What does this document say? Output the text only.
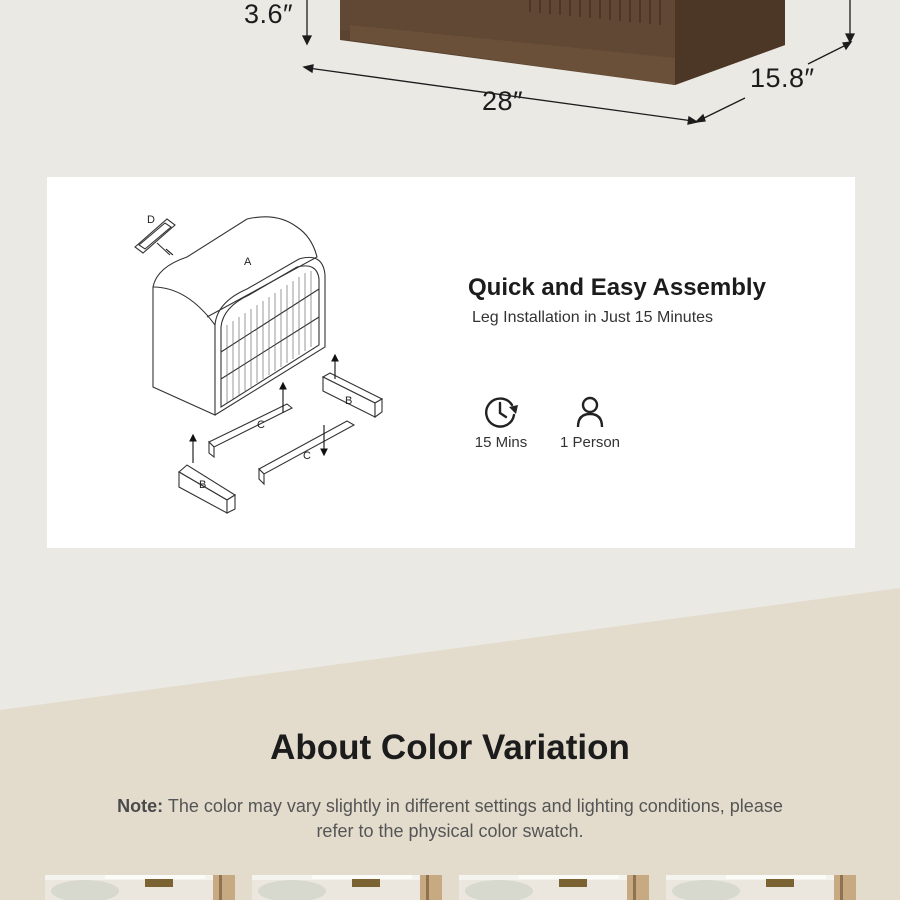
3.6″
28″
15.8″
D
A
B
B
C
C
Quick and Easy Assembly

Leg Installation in Just 15 Minutes

15 Mins	1 Person
About Color Variation

Note: The color may vary slightly in different settings and lighting conditions, please refer to the physical color swatch.
